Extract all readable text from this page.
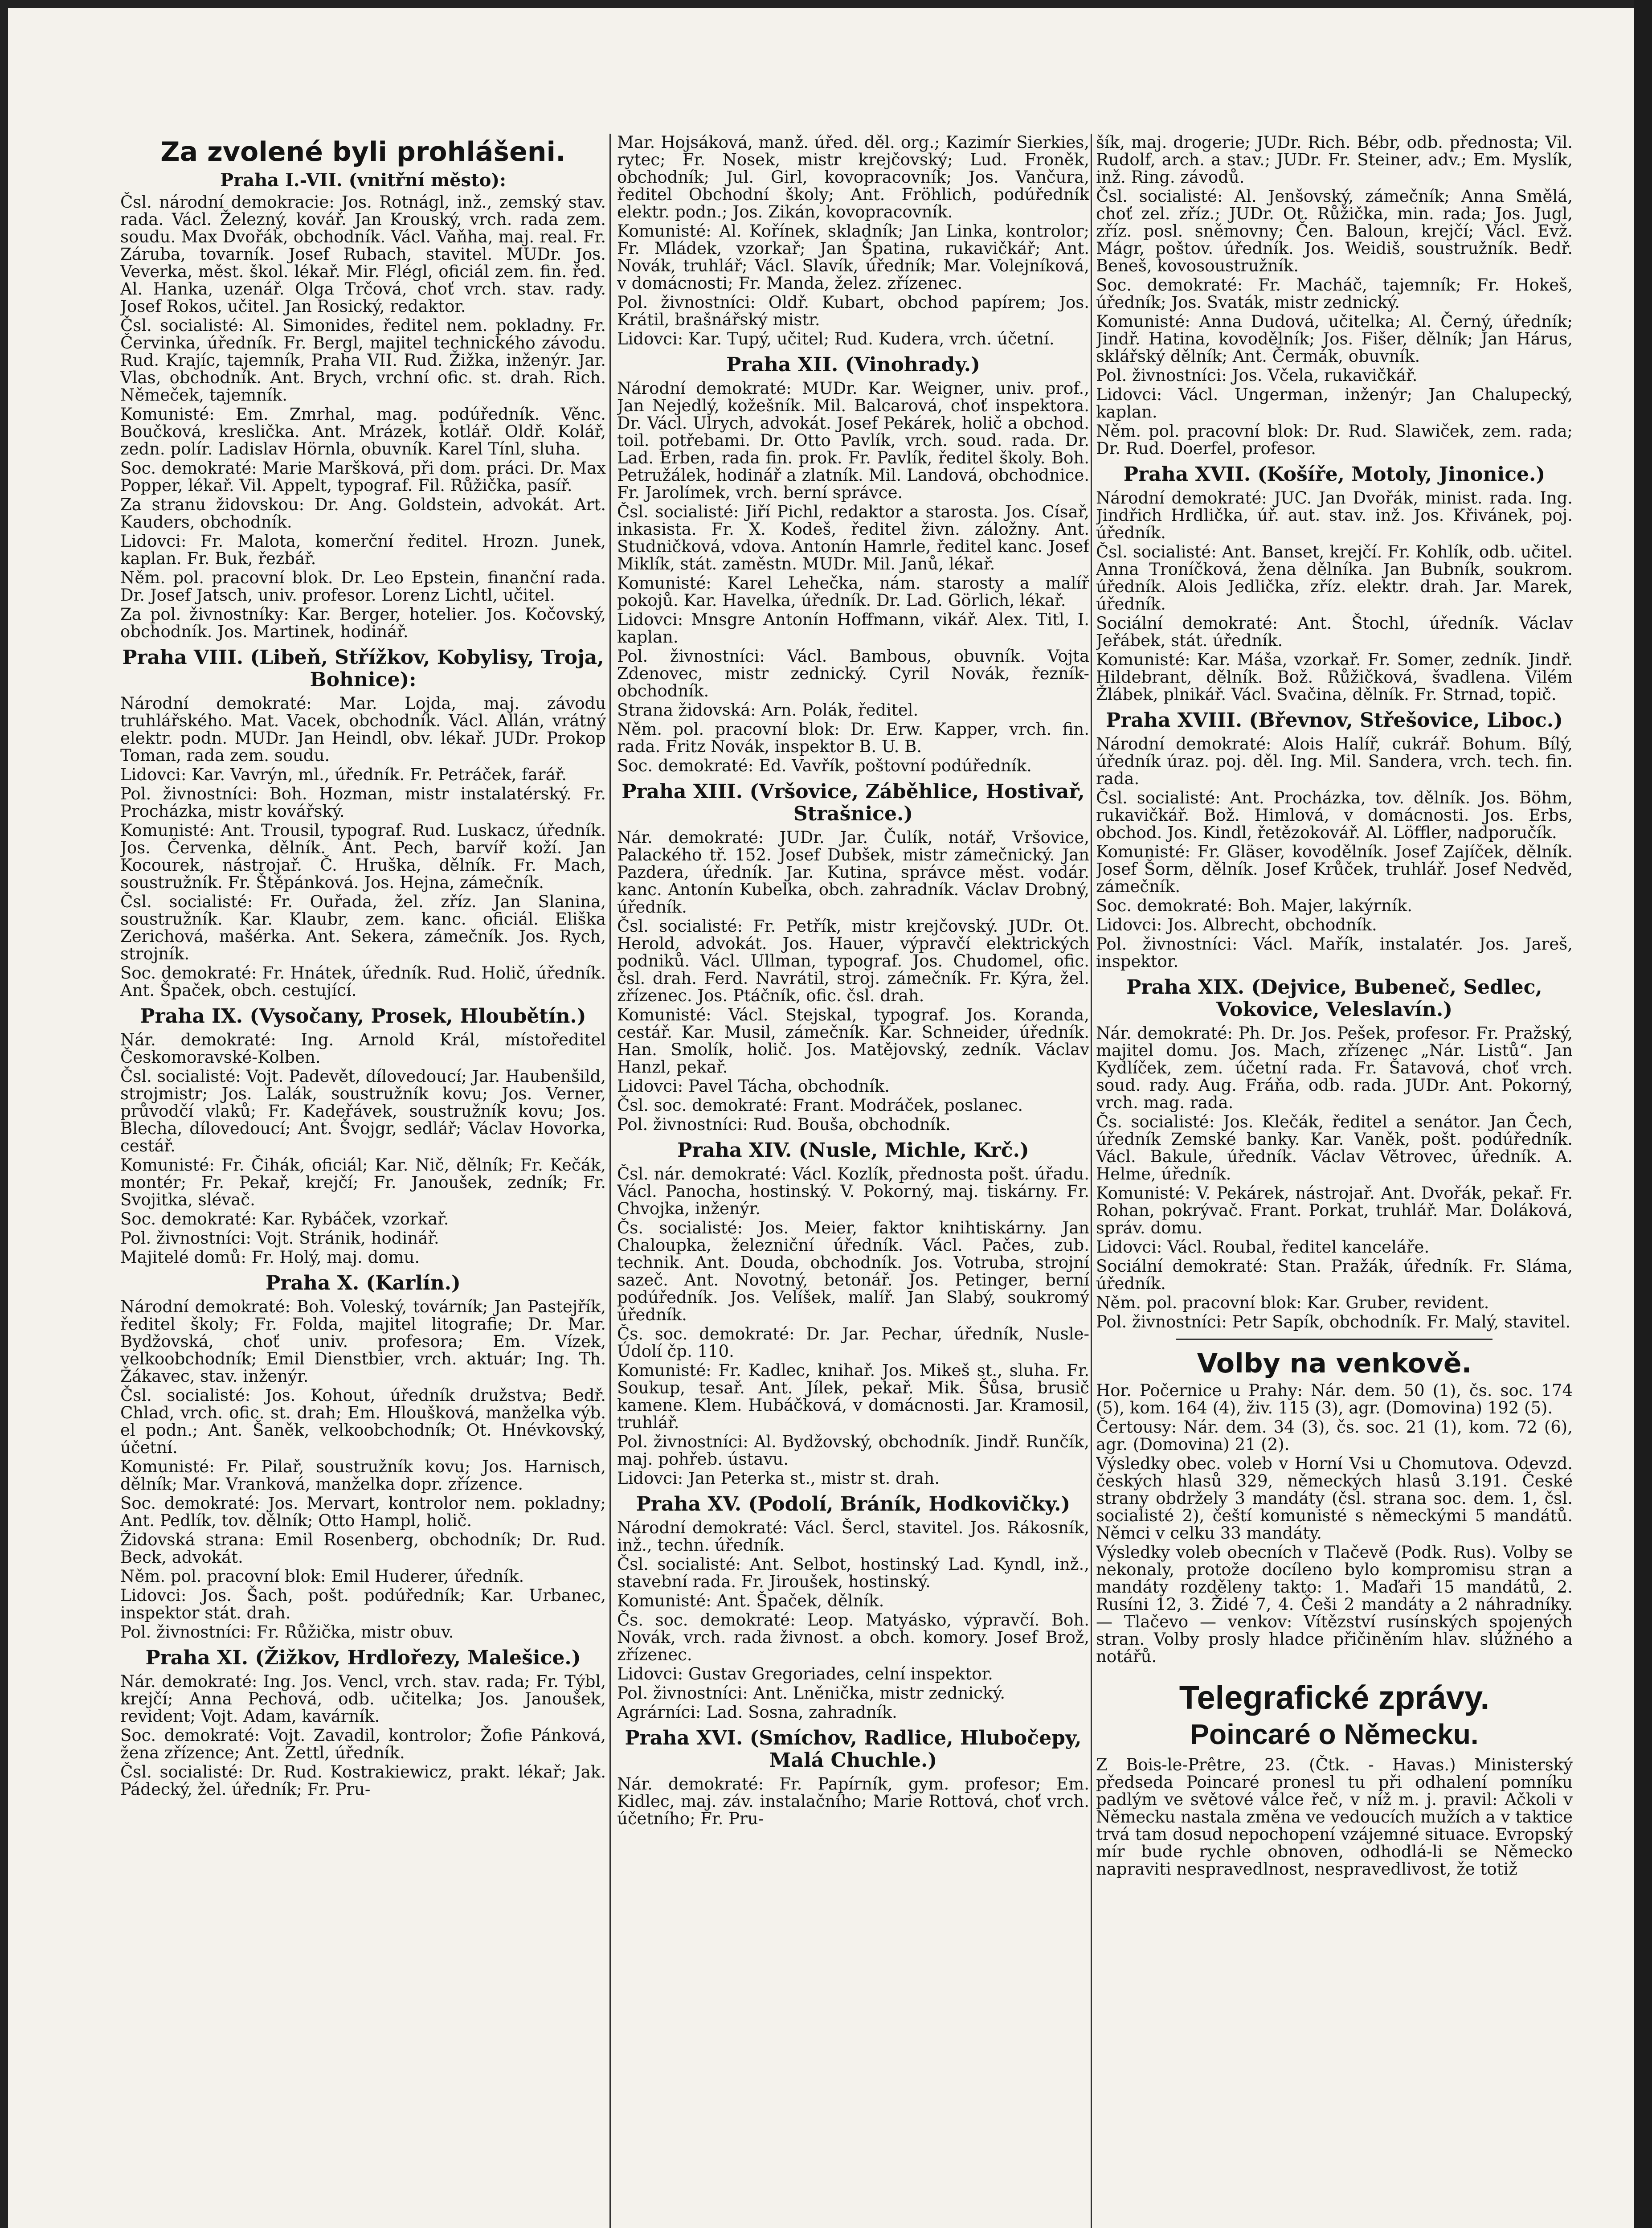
Za zvolené byli prohlášeni.
Praha I.-VII. (vnitřní město):

Čsl. národní demokracie: Jos. Rotnágl, inž., zemský stav. rada. Václ. Železný, kovář. Jan Krouský, vrch. rada zem. soudu. Max Dvořák, obchodník. Václ. Vaňha, maj. real. Fr. Záruba, tovarník. Josef Rubach, stavitel. MUDr. Jos. Veverka, měst. škol. lékař. Mir. Flégl, oficiál zem. fin. řed. Al. Hanka, uzenář. Olga Trčová, choť vrch. stav. rady. Josef Rokos, učitel. Jan Rosický, redaktor.

Čsl. socialisté: Al. Simonides, ředitel nem. pokladny. Fr. Červinka, úředník. Fr. Bergl, majitel technického závodu. Rud. Krajíc, tajemník, Praha VII. Rud. Žižka, inženýr. Jar. Vlas, obchodník. Ant. Brych, vrchní ofic. st. drah. Rich. Němeček, tajemník.

Komunisté: Em. Zmrhal, mag. podúředník. Věnc. Boučková, kreslička. Ant. Mrázek, kotlář. Oldř. Kolář, zedn. polír. Ladislav Hörnla, obuvník. Karel Tínl, sluha.

Soc. demokraté: Marie Maršková, při dom. práci. Dr. Max Popper, lékař. Vil. Appelt, typograf. Fil. Růžička, pasíř.

Za stranu židovskou: Dr. Ang. Goldstein, advokát. Art. Kauders, obchodník.

Lidovci: Fr. Malota, komerční ředitel. Hrozn. Junek, kaplan. Fr. Buk, řezbář.

Něm. pol. pracovní blok. Dr. Leo Epstein, finanční rada. Dr. Josef Jatsch, univ. profesor. Lorenz Lichtl, učitel.

Za pol. živnostníky: Kar. Berger, hotelier. Jos. Kočovský, obchodník. Jos. Martinek, hodinář.

Praha VIII. (Libeň, Střížkov, Kobylisy, Troja, Bohnice):

Národní demokraté: Mar. Lojda, maj. závodu truhlářského. Mat. Vacek, obchodník. Václ. Allán, vrátný elektr. podn. MUDr. Jan Heindl, obv. lékař. JUDr. Prokop Toman, rada zem. soudu.

Lidovci: Kar. Vavrýn, ml., úředník. Fr. Petráček, farář.

Pol. živnostníci: Boh. Hozman, mistr instalatérský. Fr. Procházka, mistr kovářský.

Komunisté: Ant. Trousil, typograf. Rud. Luskacz, úředník. Jos. Červenka, dělník. Ant. Pech, barvíř koží. Jan Kocourek, nástrojař. Č. Hruška, dělník. Fr. Mach, soustružník. Fr. Štěpánková. Jos. Hejna, zámečník.

Čsl. socialisté: Fr. Ouřada, žel. zříz. Jan Slanina, soustružník. Kar. Klaubr, zem. kanc. oficiál. Eliška Zerichová, mašérka. Ant. Sekera, zámečník. Jos. Rych, strojník.

Soc. demokraté: Fr. Hnátek, úředník. Rud. Holič, úředník. Ant. Špaček, obch. cestující.

Praha IX. (Vysočany, Prosek, Hloubětín.)

Nár. demokraté: Ing. Arnold Král, místoředitel Českomoravské-Kolben.

Čsl. socialisté: Vojt. Padevět, dílovedoucí; Jar. Haubenšild, strojmistr; Jos. Lalák, soustružník kovu; Jos. Verner, průvodčí vlaků; Fr. Kadeřávek, soustružník kovu; Jos. Blecha, dílovedoucí; Ant. Švojgr, sedlář; Václav Hovorka, cestář.

Komunisté: Fr. Čihák, oficiál; Kar. Nič, dělník; Fr. Kečák, montér; Fr. Pekař, krejčí; Fr. Janoušek, zedník; Fr. Svojitka, slévač.

Soc. demokraté: Kar. Rybáček, vzorkař.

Pol. živnostníci: Vojt. Stránik, hodinář.

Majitelé domů: Fr. Holý, maj. domu.

Praha X. (Karlín.)

Národní demokraté: Boh. Voleský, továrník; Jan Pastejřík, ředitel školy; Fr. Folda, majitel litografie; Dr. Mar. Bydžovská, choť univ. profesora; Em. Vízek, velkoobchodník; Emil Dienstbier, vrch. aktuár; Ing. Th. Žákavec, stav. inženýr.

Čsl. socialisté: Jos. Kohout, úředník družstva; Bedř. Chlad, vrch. ofic. st. drah; Em. Hloušková, manželka výb. el podn.; Ant. Šaněk, velkoobchodník; Ot. Hnévkovský, účetní.

Komunisté: Fr. Pilař, soustružník kovu; Jos. Harnisch, dělník; Mar. Vranková, manželka dopr. zřízence.

Soc. demokraté: Jos. Mervart, kontrolor nem. pokladny; Ant. Pedlík, tov. dělník; Otto Hampl, holič.

Židovská strana: Emil Rosenberg, obchodník; Dr. Rud. Beck, advokát.

Něm. pol. pracovní blok: Emil Huderer, úředník.

Lidovci: Jos. Šach, pošt. podúředník; Kar. Urbanec, inspektor stát. drah.

Pol. živnostníci: Fr. Růžička, mistr obuv.

Praha XI. (Žižkov, Hrdlořezy, Malešice.)

Nár. demokraté: Ing. Jos. Vencl, vrch. stav. rada; Fr. Týbl, krejčí; Anna Pechová, odb. učitelka; Jos. Janoušek, revident; Vojt. Adam, kavárník.

Soc. demokraté: Vojt. Zavadil, kontrolor; Žofie Pánková, žena zřízence; Ant. Zettl, úředník.

Čsl. socialisté: Dr. Rud. Kostrakiewicz, prakt. lékař; Jak. Pádecký, žel. úředník; Fr. Pru-

Mar. Hojsáková, manž. úřed. děl. org.; Kazimír Sierkies, rytec; Fr. Nosek, mistr krejčovský; Lud. Froněk, obchodník; Jul. Girl, kovopracovník; Jos. Vančura, ředitel Obchodní školy; Ant. Fröhlich, podúředník elektr. podn.; Jos. Zikán, kovopracovník.

Komunisté: Al. Kořínek, skladník; Jan Linka, kontrolor; Fr. Mládek, vzorkař; Jan Špatina, rukavičkář; Ant. Novák, truhlář; Václ. Slavík, úředník; Mar. Volejníková, v domácnosti; Fr. Manda, želez. zřízenec.

Pol. živnostníci: Oldř. Kubart, obchod papírem; Jos. Krátil, brašnářský mistr.

Lidovci: Kar. Tupý, učitel; Rud. Kudera, vrch. účetní.

Praha XII. (Vinohrady.)

Národní demokraté: MUDr. Kar. Weigner, univ. prof., Jan Nejedlý, kožešník. Mil. Balcarová, choť inspektora. Dr. Václ. Ulrych, advokát. Josef Pekárek, holič a obchod. toil. potřebami. Dr. Otto Pavlík, vrch. soud. rada. Dr. Lad. Erben, rada fin. prok. Fr. Pavlík, ředitel školy. Boh. Petružálek, hodinář a zlatník. Mil. Landová, obchodnice. Fr. Jarolímek, vrch. berní správce.

Čsl. socialisté: Jiří Pichl, redaktor a starosta. Jos. Císař, inkasista. Fr. X. Kodeš, ředitel živn. záložny. Ant. Studničková, vdova. Antonín Hamrle, ředitel kanc. Josef Miklík, stát. zaměstn. MUDr. Mil. Janů, lékař.

Komunisté: Karel Lehečka, nám. starosty a malíř pokojů. Kar. Havelka, úředník. Dr. Lad. Görlich, lékař.

Lidovci: Mnsgre Antonín Hoffmann, vikář. Alex. Titl, I. kaplan.

Pol. živnostníci: Václ. Bambous, obuvník. Vojta Zdenovec, mistr zednický. Cyril Novák, řezník-obchodník.

Strana židovská: Arn. Polák, ředitel.

Něm. pol. pracovní blok: Dr. Erw. Kapper, vrch. fin. rada. Fritz Novák, inspektor B. U. B.

Soc. demokraté: Ed. Vavřík, poštovní podúředník.

Praha XIII. (Vršovice, Záběhlice, Hostivař, Strašnice.)

Nár. demokraté: JUDr. Jar. Čulík, notář, Vršovice, Palackého tř. 152. Josef Dubšek, mistr zámečnický. Jan Pazdera, úředník. Jar. Kutina, správce měst. vodár. kanc. Antonín Kubelka, obch. zahradník. Václav Drobný, úředník.

Čsl. socialisté: Fr. Petřík, mistr krejčovský. JUDr. Ot. Herold, advokát. Jos. Hauer, výpravčí elektrických podniků. Václ. Ullman, typograf. Jos. Chudomel, ofic. čsl. drah. Ferd. Navrátil, stroj. zámečník. Fr. Kýra, žel. zřízenec. Jos. Ptáčník, ofic. čsl. drah.

Komunisté: Václ. Stejskal, typograf. Jos. Koranda, cestář. Kar. Musil, zámečník. Kar. Schneider, úředník. Han. Smolík, holič. Jos. Matějovský, zedník. Václav Hanzl, pekař.

Lidovci: Pavel Tácha, obchodník.

Čsl. soc. demokraté: Frant. Modráček, poslanec.

Pol. živnostníci: Rud. Bouša, obchodník.

Praha XIV. (Nusle, Michle, Krč.)

Čsl. nár. demokraté: Václ. Kozlík, přednosta pošt. úřadu. Václ. Panocha, hostinský. V. Pokorný, maj. tiskárny. Fr. Chvojka, inženýr.

Čs. socialisté: Jos. Meier, faktor knihtiskárny. Jan Chaloupka, železniční úředník. Václ. Pačes, zub. technik. Ant. Douda, obchodník. Jos. Votruba, strojní sazeč. Ant. Novotný, betonář. Jos. Petinger, berní podúředník. Jos. Velíšek, malíř. Jan Slabý, soukromý úředník.

Čs. soc. demokraté: Dr. Jar. Pechar, úředník, Nusle-Údolí čp. 110.

Komunisté: Fr. Kadlec, knihař. Jos. Mikeš st., sluha. Fr. Soukup, tesař. Ant. Jílek, pekař. Mik. Šůsa, brusič kamene. Klem. Hubáčková, v domácnosti. Jar. Kramosil, truhlář.

Pol. živnostníci: Al. Bydžovský, obchodník. Jindř. Runčík, maj. pohřeb. ústavu.

Lidovci: Jan Peterka st., mistr st. drah.

Praha XV. (Podolí, Bráník, Hodkovičky.)

Národní demokraté: Václ. Šercl, stavitel. Jos. Rákosník, inž., techn. úředník.

Čsl. socialisté: Ant. Selbot, hostinský Lad. Kyndl, inž., stavební rada. Fr. Jiroušek, hostinský.

Komunisté: Ant. Špaček, dělník.

Čs. soc. demokraté: Leop. Matyásko, výpravčí. Boh. Novák, vrch. rada živnost. a obch. komory. Josef Brož, zřízenec.

Lidovci: Gustav Gregoriades, celní inspektor.

Pol. živnostníci: Ant. Lněnička, mistr zednický.

Agrárníci: Lad. Sosna, zahradník.

Praha XVI. (Smíchov, Radlice, Hlubočepy, Malá Chuchle.)

Nár. demokraté: Fr. Papírník, gym. profesor; Em. Kidlec, maj. záv. instalačního; Marie Rottová, choť vrch. účetního; Fr. Pru-

šík, maj. drogerie; JUDr. Rich. Bébr, odb. přednosta; Vil. Rudolf, arch. a stav.; JUDr. Fr. Steiner, adv.; Em. Myslík, inž. Ring. závodů.

Čsl. socialisté: Al. Jenšovský, zámečník; Anna Smělá, choť zel. zříz.; JUDr. Ot. Růžička, min. rada; Jos. Jugl, zříz. posl. sněmovny; Čen. Baloun, krejčí; Václ. Evž. Mágr, poštov. úředník. Jos. Weidiš, soustružník. Bedř. Beneš, kovosoustružník.

Soc. demokraté: Fr. Macháč, tajemník; Fr. Hokeš, úředník; Jos. Svaták, mistr zednický.

Komunisté: Anna Dudová, učitelka; Al. Černý, úředník; Jindř. Hatina, kovodělník; Jos. Fišer, dělník; Jan Hárus, sklářský dělník; Ant. Čermák, obuvník.

Pol. živnostníci: Jos. Včela, rukavičkář.

Lidovci: Václ. Ungerman, inženýr; Jan Chalupecký, kaplan.

Něm. pol. pracovní blok: Dr. Rud. Slawiček, zem. rada; Dr. Rud. Doerfel, profesor.

Praha XVII. (Košíře, Motoly, Jinonice.)

Národní demokraté: JUC. Jan Dvořák, minist. rada. Ing. Jindřich Hrdlička, úř. aut. stav. inž. Jos. Křivánek, poj. úředník.

Čsl. socialisté: Ant. Banset, krejčí. Fr. Kohlík, odb. učitel. Anna Troníčková, žena dělníka. Jan Bubník, soukrom. úředník. Alois Jedlička, zříz. elektr. drah. Jar. Marek, úředník.

Sociální demokraté: Ant. Štochl, úředník. Václav Jeřábek, stát. úředník.

Komunisté: Kar. Máša, vzorkař. Fr. Somer, zedník. Jindř. Hildebrant, dělník. Bož. Růžičková, švadlena. Vilém Žlábek, plnikář. Václ. Svačina, dělník. Fr. Strnad, topič.

Praha XVIII. (Břevnov, Střešovice, Liboc.)

Národní demokraté: Alois Halíř, cukrář. Bohum. Bílý, úředník úraz. poj. děl. Ing. Mil. Sandera, vrch. tech. fin. rada.

Čsl. socialisté: Ant. Procházka, tov. dělník. Jos. Böhm, rukavičkář. Bož. Himlová, v domácnosti. Jos. Erbs, obchod. Jos. Kindl, řetězokovář. Al. Löffler, nadporučík.

Komunisté: Fr. Gläser, kovodělník. Josef Zajíček, dělník. Josef Šorm, dělník. Josef Krůček, truhlář. Josef Nedvěd, zámečník.

Soc. demokraté: Boh. Majer, lakýrník.

Lidovci: Jos. Albrecht, obchodník.

Pol. živnostníci: Václ. Mařík, instalatér. Jos. Jareš, inspektor.

Praha XIX. (Dejvice, Bubeneč, Sedlec, Vokovice, Veleslavín.)

Nár. demokraté: Ph. Dr. Jos. Pešek, profesor. Fr. Pražský, majitel domu. Jos. Mach, zřízenec „Nár. Listů“. Jan Kydlíček, zem. účetní rada. Fr. Šatavová, choť vrch. soud. rady. Aug. Fráňa, odb. rada. JUDr. Ant. Pokorný, vrch. mag. rada.

Čs. socialisté: Jos. Klečák, ředitel a senátor. Jan Čech, úředník Zemské banky. Kar. Vaněk, pošt. podúředník. Václ. Bakule, úředník. Václav Větrovec, úředník. A. Helme, úředník.

Komunisté: V. Pekárek, nástrojař. Ant. Dvořák, pekař. Fr. Rohan, pokrývač. Frant. Porkat, truhlář. Mar. Doláková, správ. domu.

Lidovci: Václ. Roubal, ředitel kanceláře.

Sociální demokraté: Stan. Pražák, úředník. Fr. Sláma, úředník.

Něm. pol. pracovní blok: Kar. Gruber, revident.

Pol. živnostníci: Petr Sapík, obchodník. Fr. Malý, stavitel.

Volby na venkově.

Hor. Počernice u Prahy: Nár. dem. 50 (1), čs. soc. 174 (5), kom. 164 (4), živ. 115 (3), agr. (Domovina) 192 (5).

Čertousy: Nár. dem. 34 (3), čs. soc. 21 (1), kom. 72 (6), agr. (Domovina) 21 (2).

Výsledky obec. voleb v Horní Vsi u Chomutova. Odevzd. českých hlasů 329, německých hlasů 3.191. České strany obdržely 3 mandáty (čsl. strana soc. dem. 1, čsl. socialisté 2), čeští komunisté s německými 5 mandátů. Němci v celku 33 mandáty.

Výsledky voleb obecních v Tlačevě (Podk. Rus). Volby se nekonaly, protože docíleno bylo kompromisu stran a mandáty rozděleny takto: 1. Maďaři 15 mandátů, 2. Rusíni 12, 3. Židé 7, 4. Češi 2 mandáty a 2 náhradníky. — Tlačevo — venkov: Vítězství rusínských spojených stran. Volby prosly hladce přičiněním hlav. slúžného a notářů.

Telegrafické zprávy.
Poincaré o Německu.

Z Bois-le-Prêtre, 23. (Čtk. - Havas.) Ministerský předseda Poincaré pronesl tu při odhalení pomníku padlým ve světové válce řeč, v níž m. j. pravil: Ačkoli v Německu nastala změna ve vedoucích mužích a v taktice trvá tam dosud nepochopení vzájemné situace. Evropský mír bude rychle obnoven, odhodlá-li se Německo napraviti nespravedlnost, nespravedlivost, že totiž
